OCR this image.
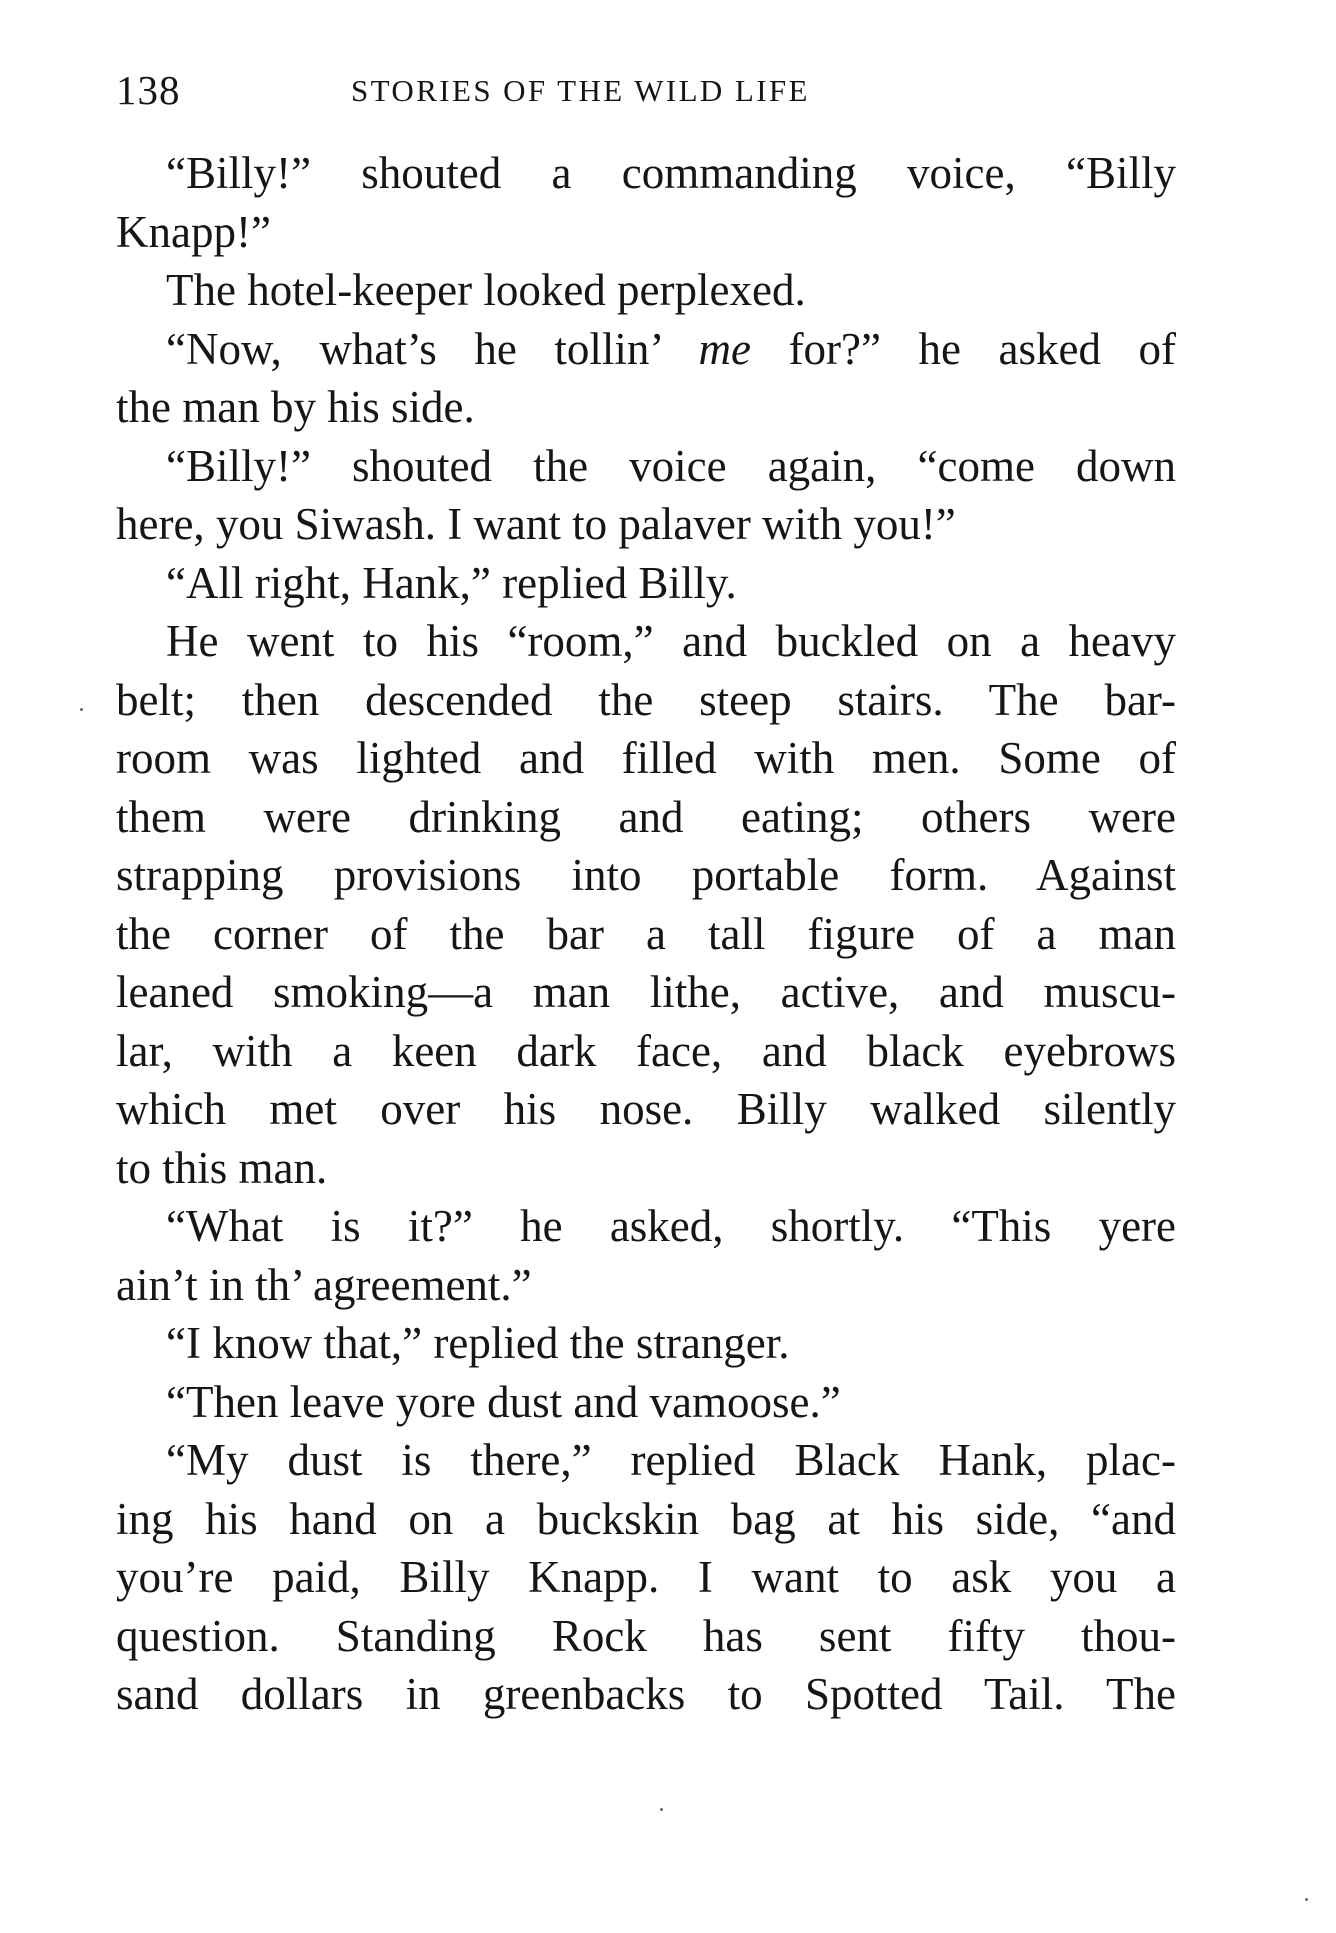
138	STORIES OF THE WILD LIFE
“Billy!” shouted a commanding voice, “Billy
Knapp!”
The hotel-keeper looked perplexed.
“Now, what’s he tollin’ me for?” he asked of
the man by his side.
“Billy!” shouted the voice again, “come down
here, you Siwash. I want to palaver with you!”
“All right, Hank,” replied Billy.
He went to his “room,” and buckled on a heavy
belt; then descended the steep stairs. The bar-
room was lighted and filled with men. Some of
them were drinking and eating; others were
strapping provisions into portable form. Against
the corner of the bar a tall figure of a man
leaned smoking—a man lithe, active, and muscu-
lar, with a keen dark face, and black eyebrows
which met over his nose. Billy walked silently
to this man.
“What is it?” he asked, shortly. “This yere
ain’t in th’ agreement.”
“I know that,” replied the stranger.
“Then leave yore dust and vamoose.”
“My dust is there,” replied Black Hank, plac-
ing his hand on a buckskin bag at his side, “and
you’re paid, Billy Knapp. I want to ask you a
question. Standing Rock has sent fifty thou-
sand dollars in greenbacks to Spotted Tail. The
